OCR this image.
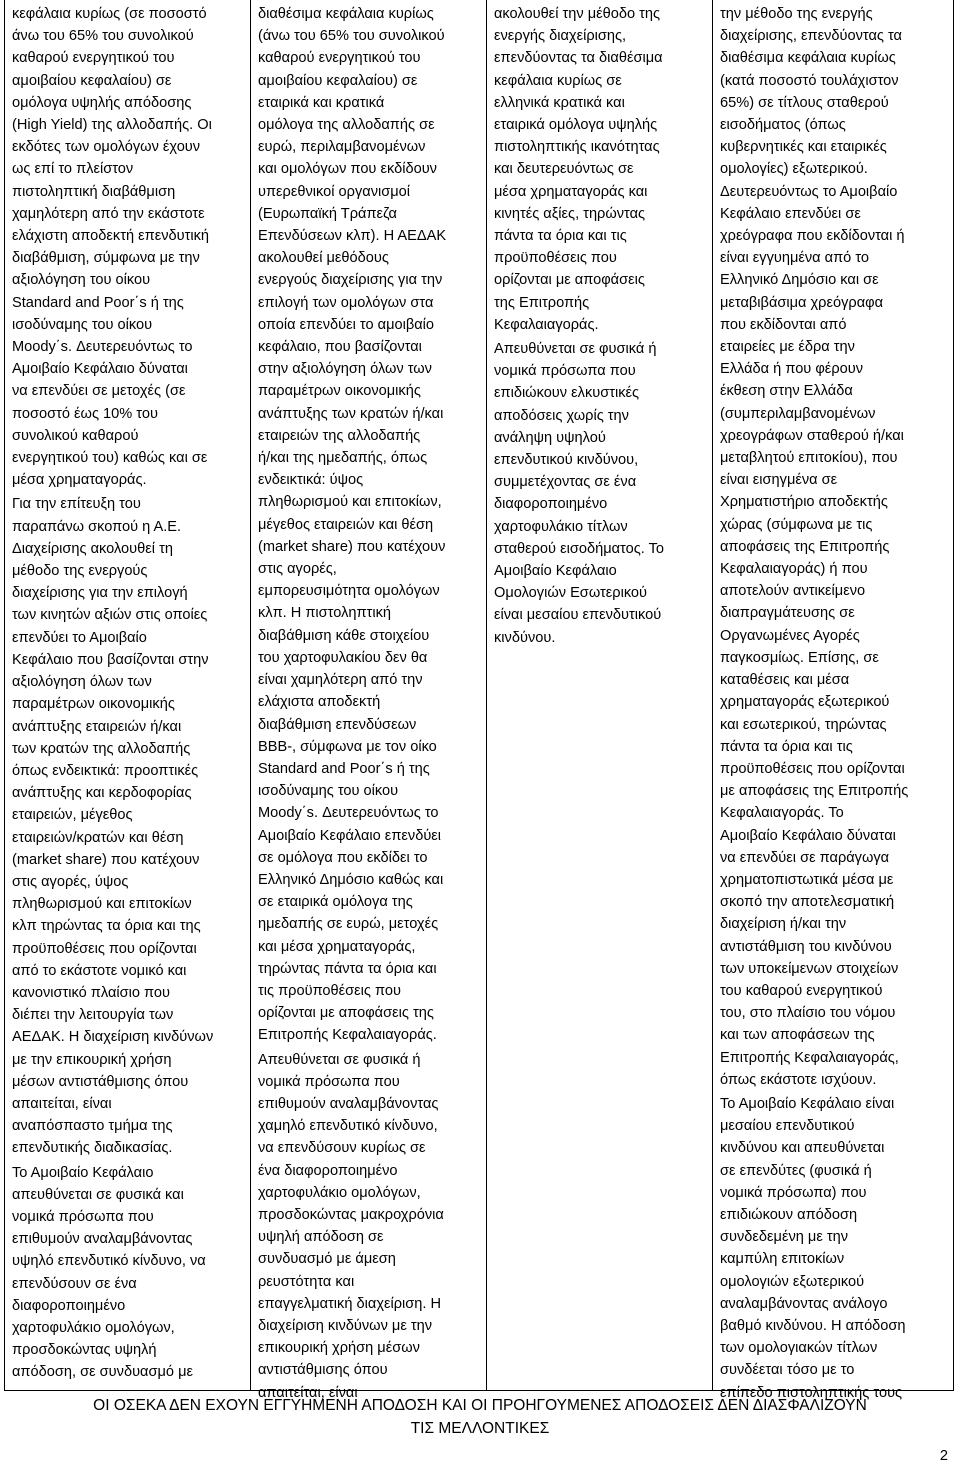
κεφάλαια κυρίως (σε ποσοστό
άνω του 65% του συνολικού
καθαρού ενεργητικού του
αμοιβαίου κεφαλαίου) σε
ομόλογα υψηλής απόδοσης
(High Yield) της αλλοδαπής. Οι
εκδότες των ομολόγων έχουν
ως επί το πλείστον
πιστοληπτική διαβάθμιση
χαμηλότερη από την εκάστοτε
ελάχιστη αποδεκτή επενδυτική
διαβάθμιση, σύμφωνα με την
αξιολόγηση του οίκου
Standard and Poor΄s ή της
ισοδύναμης του οίκου
Moody΄s. Δευτερευόντως το
Αμοιβαίο Κεφάλαιο δύναται
να επενδύει σε μετοχές (σε
ποσοστό έως 10% του
συνολικού καθαρού
ενεργητικού του) καθώς και σε
μέσα χρηματαγοράς.

Για την επίτευξη του
παραπάνω σκοπού η Α.Ε.
Διαχείρισης ακολουθεί τη
μέθοδο της ενεργούς
διαχείρισης για την επιλογή
των κινητών αξιών στις οποίες
επενδύει το Αμοιβαίο
Κεφάλαιο που βασίζονται στην
αξιολόγηση όλων των
παραμέτρων οικονομικής
ανάπτυξης εταιρειών ή/και
των κρατών της αλλοδαπής
όπως ενδεικτικά: προοπτικές
ανάπτυξης και κερδοφορίας
εταιρειών, μέγεθος
εταιρειών/κρατών και θέση
(market share) που κατέχουν
στις αγορές, ύψος
πληθωρισμού και επιτοκίων
κλπ τηρώντας τα όρια και της
προϋποθέσεις που ορίζονται
από το εκάστοτε νομικό και
κανονιστικό πλαίσιο που
διέπει την λειτουργία των
ΑΕΔΑΚ. Η διαχείριση κινδύνων
με την επικουρική χρήση
μέσων αντιστάθμισης όπου
απαιτείται, είναι
αναπόσπαστο τμήμα της
επενδυτικής διαδικασίας.

Το Αμοιβαίο Κεφάλαιο
απευθύνεται σε φυσικά και
νομικά πρόσωπα που
επιθυμούν αναλαμβάνοντας
υψηλό επενδυτικό κίνδυνο, να
επενδύσουν σε ένα
διαφοροποιημένο
χαρτοφυλάκιο ομολόγων,
προσδοκώντας υψηλή
απόδοση, σε συνδυασμό με

διαθέσιμα κεφάλαια κυρίως
(άνω του 65% του συνολικού
καθαρού ενεργητικού του
αμοιβαίου κεφαλαίου) σε
εταιρικά και κρατικά
ομόλογα της αλλοδαπής σε
ευρώ, περιλαμβανομένων
και ομολόγων που εκδίδουν
υπερεθνικοί οργανισμοί
(Ευρωπαϊκή Τράπεζα
Επενδύσεων κλπ). Η ΑΕΔΑΚ
ακολουθεί μεθόδους
ενεργούς διαχείρισης για την
επιλογή των ομολόγων στα
οποία επενδύει το αμοιβαίο
κεφάλαιο, που βασίζονται
στην αξιολόγηση όλων των
παραμέτρων οικονομικής
ανάπτυξης των κρατών ή/και
εταιρειών της αλλοδαπής
ή/και της ημεδαπής, όπως
ενδεικτικά: ύψος
πληθωρισμού και επιτοκίων,
μέγεθος εταιρειών και θέση
(market share) που κατέχουν
στις αγορές,
εμπορευσιμότητα ομολόγων
κλπ. Η πιστοληπτική
διαβάθμιση κάθε στοιχείου
του χαρτοφυλακίου δεν θα
είναι χαμηλότερη από την
ελάχιστα αποδεκτή
διαβάθμιση επενδύσεων
BBB-, σύμφωνα με τον οίκο
Standard and Poor΄s ή της
ισοδύναμης του οίκου
Moody΄s. Δευτερευόντως το
Αμοιβαίο Κεφάλαιο επενδύει
σε ομόλογα που εκδίδει το
Ελληνικό Δημόσιο καθώς και
σε εταιρικά ομόλογα της
ημεδαπής σε ευρώ, μετοχές
και μέσα χρηματαγοράς,
τηρώντας πάντα τα όρια και
τις προϋποθέσεις που
ορίζονται με αποφάσεις της
Επιτροπής Κεφαλαιαγοράς.

Απευθύνεται σε φυσικά ή
νομικά πρόσωπα που
επιθυμούν αναλαμβάνοντας
χαμηλό επενδυτικό κίνδυνο,
να επενδύσουν κυρίως σε
ένα διαφοροποιημένο
χαρτοφυλάκιο ομολόγων,
προσδοκώντας μακροχρόνια
υψηλή απόδοση σε
συνδυασμό με άμεση
ρευστότητα και
επαγγελματική διαχείριση. Η
διαχείριση κινδύνων με την
επικουρική χρήση μέσων
αντιστάθμισης όπου
απαιτείται, είναι

ακολουθεί την μέθοδο της
ενεργής διαχείρισης,
επενδύοντας τα διαθέσιμα
κεφάλαια κυρίως σε
ελληνικά κρατικά και
εταιρικά ομόλογα υψηλής
πιστοληπτικής ικανότητας
και δευτερευόντως σε
μέσα χρηματαγοράς και
κινητές αξίες, τηρώντας
πάντα τα όρια και τις
προϋποθέσεις που
ορίζονται με αποφάσεις
της Επιτροπής
Κεφαλαιαγοράς.

Απευθύνεται σε φυσικά ή
νομικά πρόσωπα που
επιδιώκουν ελκυστικές
αποδόσεις χωρίς την
ανάληψη υψηλού
επενδυτικού κινδύνου,
συμμετέχοντας σε ένα
διαφοροποιημένο
χαρτοφυλάκιο τίτλων
σταθερού εισοδήματος. Το
Αμοιβαίο Κεφάλαιο
Ομολογιών Εσωτερικού
είναι μεσαίου επενδυτικού
κινδύνου.

την μέθοδο της ενεργής
διαχείρισης, επενδύοντας τα
διαθέσιμα κεφάλαια κυρίως
(κατά ποσοστό τουλάχιστον
65%) σε τίτλους σταθερού
εισοδήματος (όπως
κυβερνητικές και εταιρικές
ομολογίες) εξωτερικού.
Δευτερευόντως το Αμοιβαίο
Κεφάλαιο επενδύει σε
χρεόγραφα που εκδίδονται ή
είναι εγγυημένα από το
Ελληνικό Δημόσιο και σε
μεταβιβάσιμα χρεόγραφα
που εκδίδονται από
εταιρείες με έδρα την
Ελλάδα ή που φέρουν
έκθεση στην Ελλάδα
(συμπεριλαμβανομένων
χρεογράφων σταθερού ή/και
μεταβλητού επιτοκίου), που
είναι εισηγμένα σε
Χρηματιστήριο αποδεκτής
χώρας (σύμφωνα με τις
αποφάσεις της Επιτροπής
Κεφαλαιαγοράς) ή που
αποτελούν αντικείμενο
διαπραγμάτευσης σε
Οργανωμένες Αγορές
παγκοσμίως. Επίσης, σε
καταθέσεις και μέσα
χρηματαγοράς εξωτερικού
και εσωτερικού, τηρώντας
πάντα τα όρια και τις
προϋποθέσεις που ορίζονται
με αποφάσεις της Επιτροπής
Κεφαλαιαγοράς. Το
Αμοιβαίο Κεφάλαιο δύναται
να επενδύει σε παράγωγα
χρηματοπιστωτικά μέσα με
σκοπό την αποτελεσματική
διαχείριση ή/και την
αντιστάθμιση του κινδύνου
των υποκείμενων στοιχείων
του καθαρού ενεργητικού
του, στο πλαίσιο του νόμου
και των αποφάσεων της
Επιτροπής Κεφαλαιαγοράς,
όπως εκάστοτε ισχύουν.

Το Αμοιβαίο Κεφάλαιο είναι
μεσαίου επενδυτικού
κινδύνου και απευθύνεται
σε επενδύτες (φυσικά ή
νομικά πρόσωπα) που
επιδιώκουν απόδοση
συνδεδεμένη με την
καμπύλη επιτοκίων
ομολογιών εξωτερικού
αναλαμβάνοντας ανάλογο
βαθμό κινδύνου. Η απόδοση
των ομολογιακών τίτλων
συνδέεται τόσο με το
επίπεδο πιστοληπτικής τους

ΟΙ ΟΣΕΚΑ ΔΕΝ ΕΧΟΥΝ ΕΓΓΥΗΜΕΝΗ ΑΠΟΔΟΣΗ ΚΑΙ ΟΙ ΠΡΟΗΓΟΥΜΕΝΕΣ ΑΠΟΔΟΣΕΙΣ ΔΕΝ ΔΙΑΣΦΑΛΙΖΟΥΝ
ΤΙΣ ΜΕΛΛΟΝΤΙΚΕΣ
2
